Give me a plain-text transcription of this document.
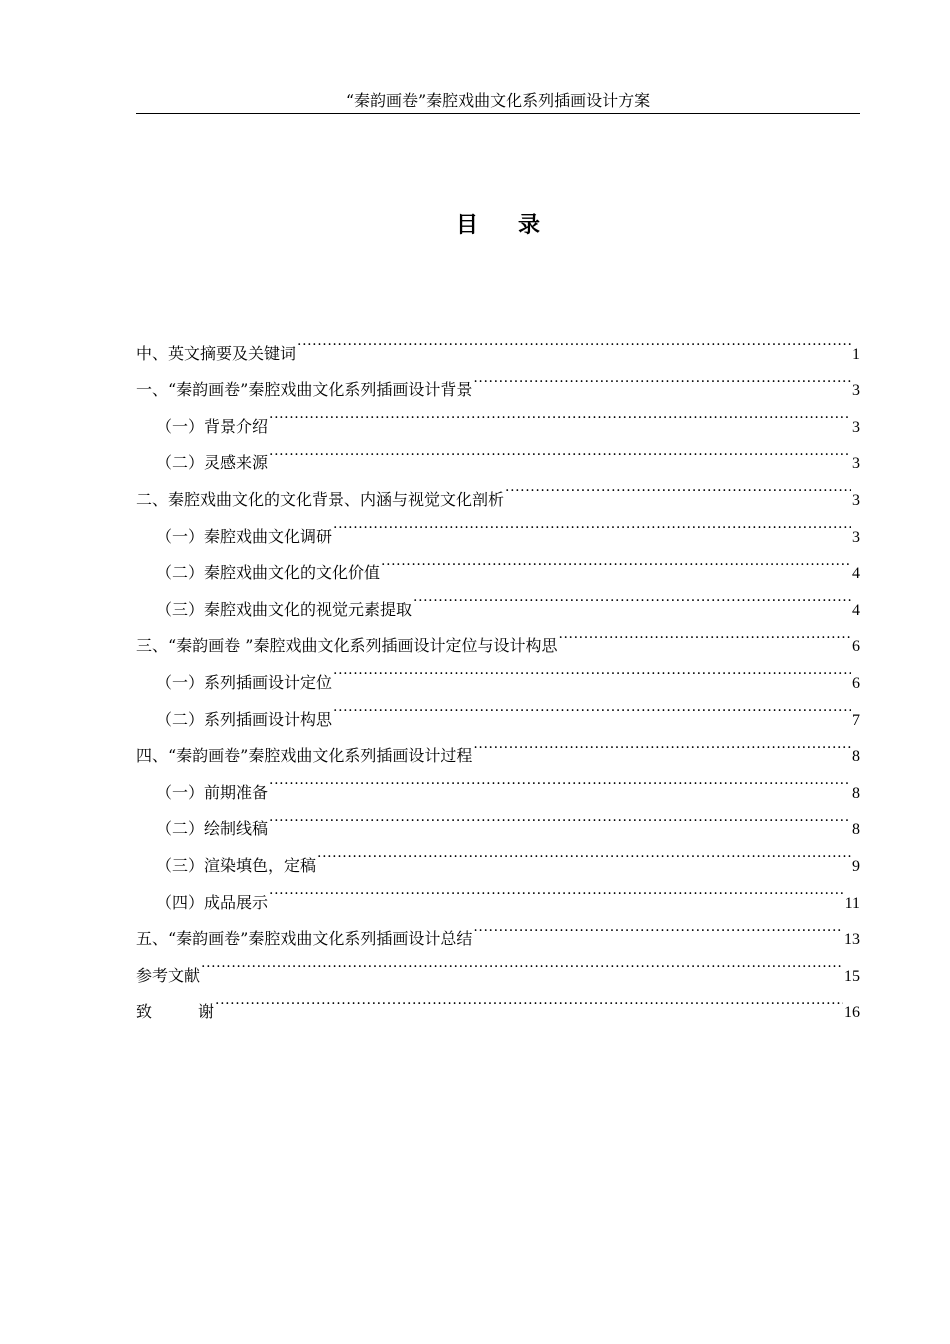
“秦韵画卷”秦腔戏曲文化系列插画设计方案
目录
中、英文摘要及关键词 .....	1
一、“秦韵画卷”秦腔戏曲文化系列插画设计背景 .....	3
（一）背景介绍 .....	3
（二）灵感来源 .....	3
二、秦腔戏曲文化的文化背景、内涵与视觉文化剖析 .....	3
（一）秦腔戏曲文化调研 .....	3
（二）秦腔戏曲文化的文化价值 .....	4
（三）秦腔戏曲文化的视觉元素提取 .....	4
三、“秦韵画卷 ”秦腔戏曲文化系列插画设计定位与设计构思 .....	6
（一）系列插画设计定位 .....	6
（二）系列插画设计构思 .....	7
四、“秦韵画卷”秦腔戏曲文化系列插画设计过程 .....	8
（一）前期准备 .....	8
（二）绘制线稿 .....	8
（三）渲染填色，定稿 .....	9
（四）成品展示 .....	11
五、“秦韵画卷”秦腔戏曲文化系列插画设计总结 .....	13
参考文献 .....	15
致	谢 .....	16
